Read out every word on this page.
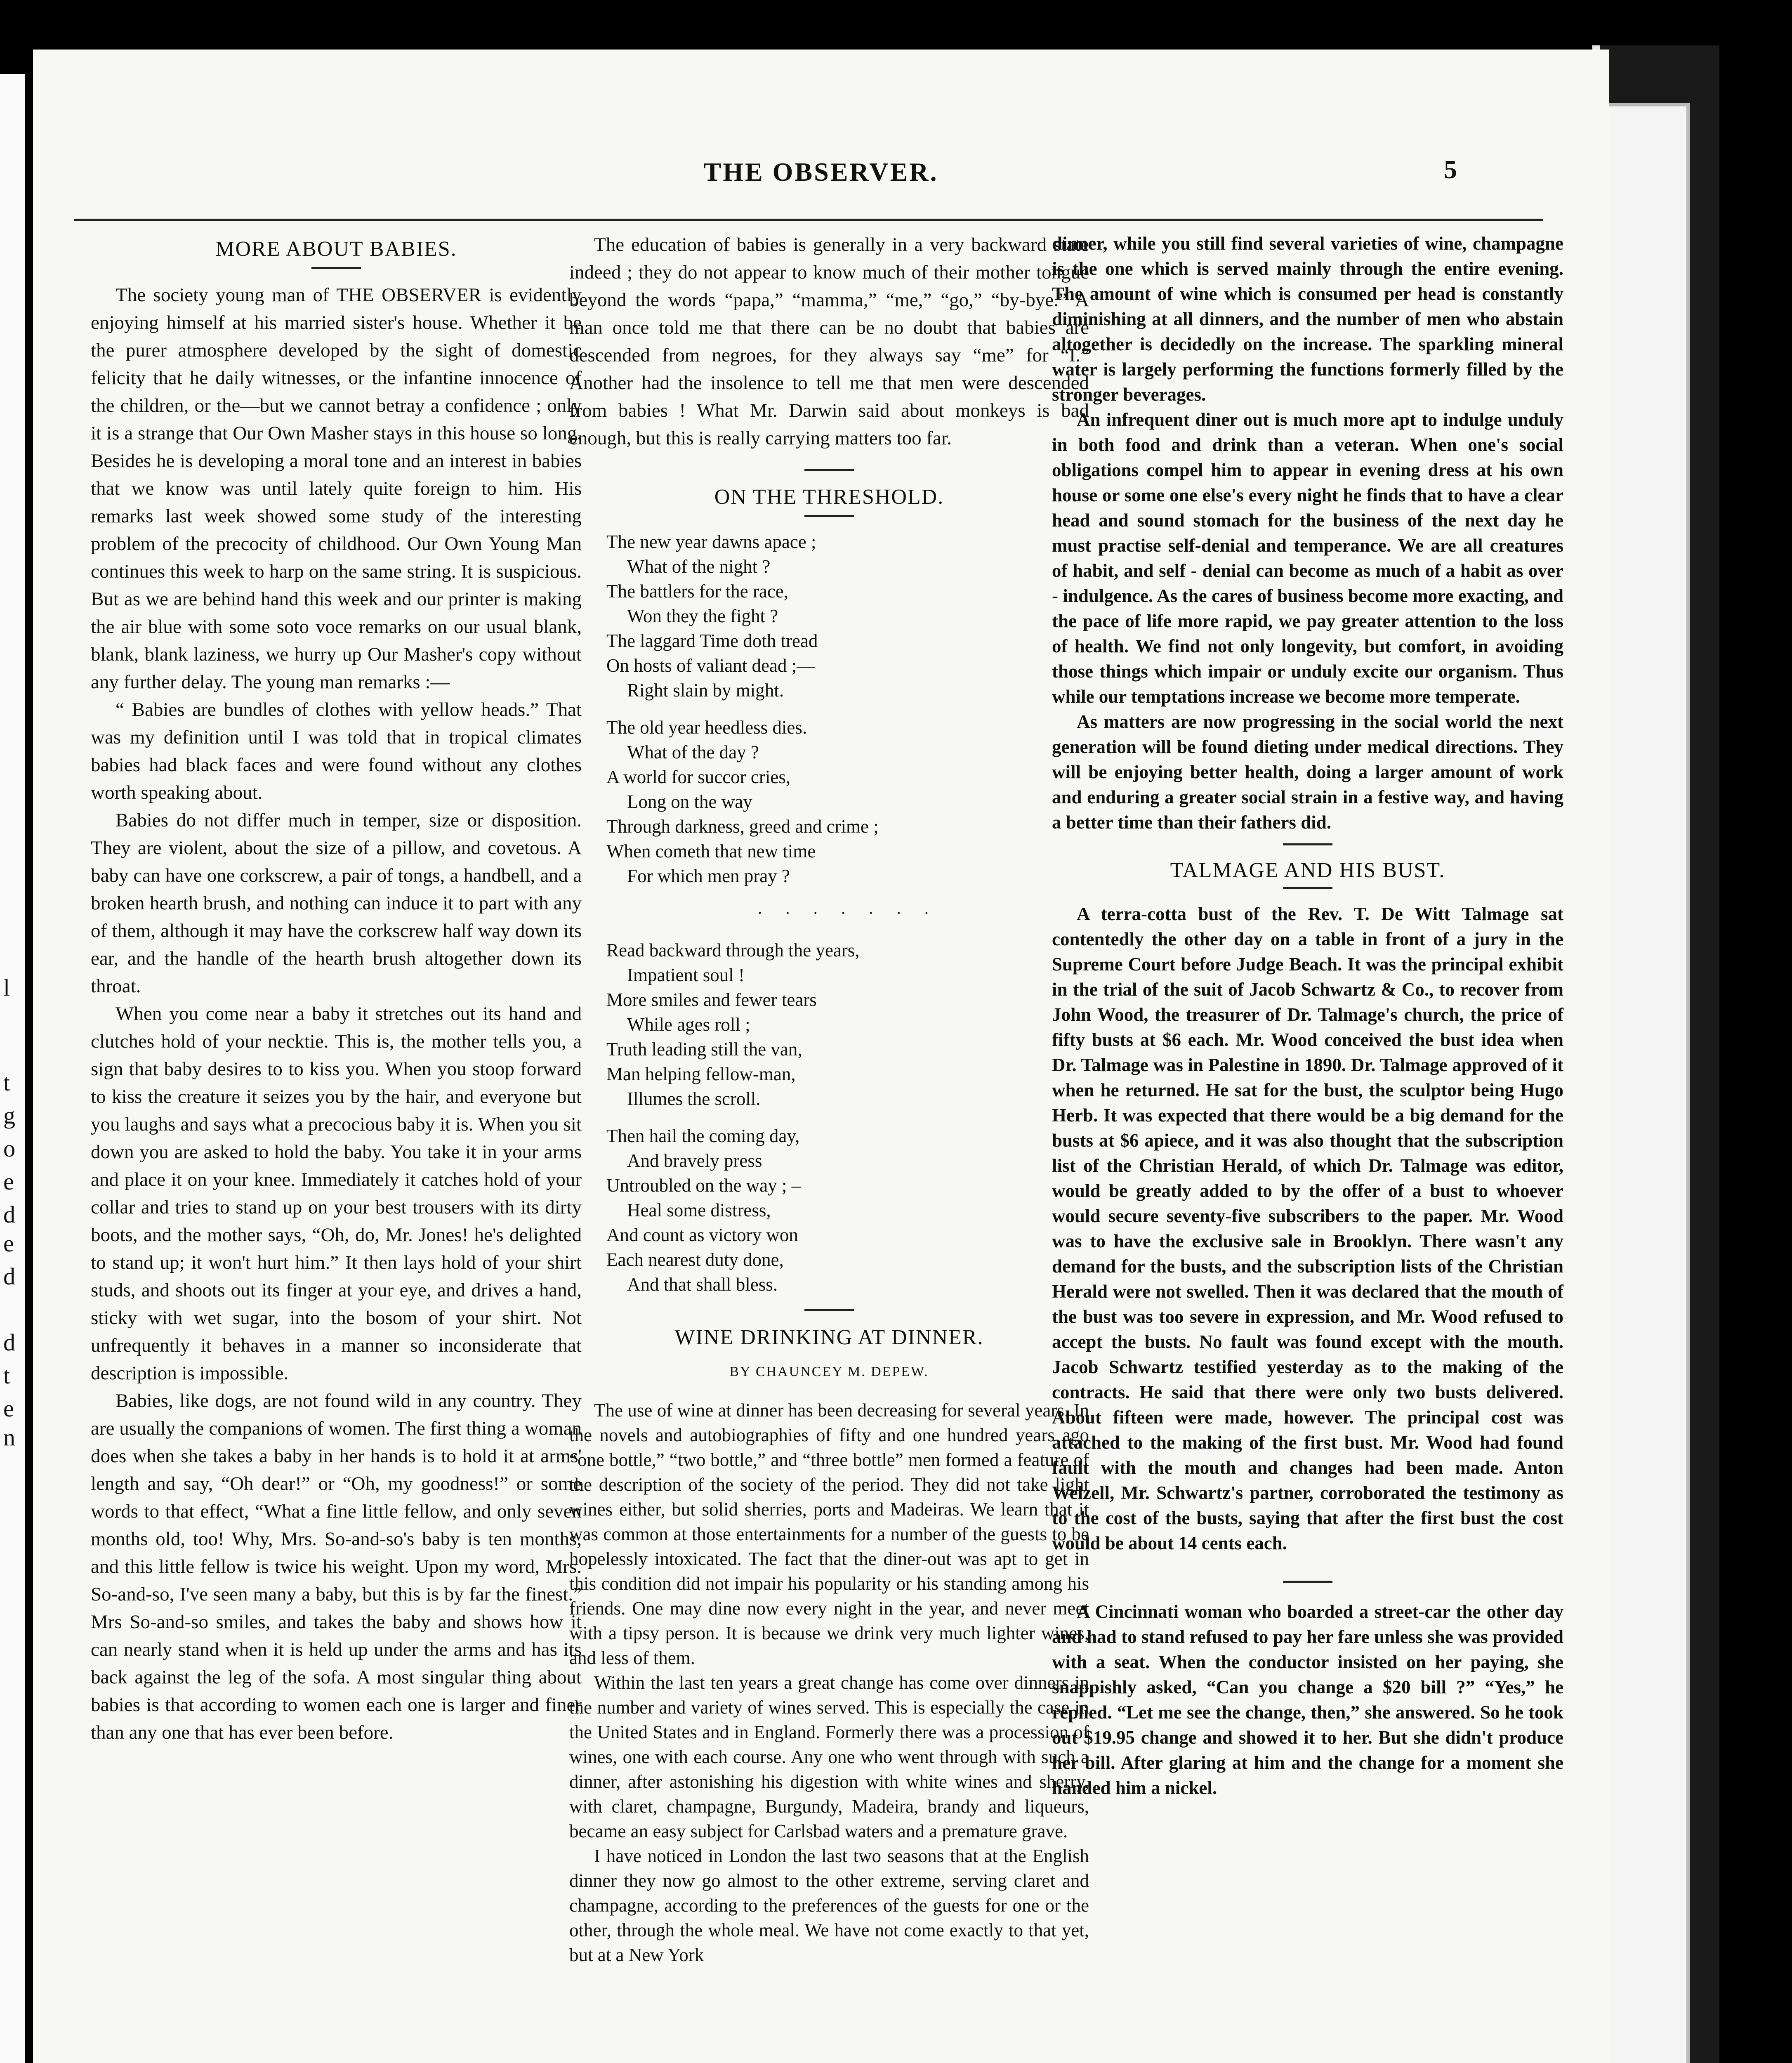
l
t
g
o
e
d
e
d
d
t
e
n
THE OBSERVER.	5
MORE ABOUT BABIES.

The society young man of THE OBSERVER is evidently enjoying himself at his married sister's house. Whether it be the purer atmosphere developed by the sight of domestic felicity that he daily witnesses, or the infantine innocence of the children, or the—but we cannot betray a confidence ; only it is a strange that Our Own Masher stays in this house so long. Besides he is developing a moral tone and an interest in babies that we know was until lately quite foreign to him. His remarks last week showed some study of the interesting problem of the precocity of childhood. Our Own Young Man continues this week to harp on the same string. It is suspicious. But as we are behind hand this week and our printer is making the air blue with some soto voce remarks on our usual blank, blank, blank laziness, we hurry up Our Masher's copy without any further delay. The young man remarks :—

“ Babies are bundles of clothes with yellow heads.” That was my definition until I was told that in tropical climates babies had black faces and were found without any clothes worth speaking about.

Babies do not differ much in temper, size or disposition. They are violent, about the size of a pillow, and covetous. A baby can have one corkscrew, a pair of tongs, a handbell, and a broken hearth brush, and nothing can induce it to part with any of them, although it may have the corkscrew half way down its ear, and the handle of the hearth brush altogether down its throat.

When you come near a baby it stretches out its hand and clutches hold of your necktie. This is, the mother tells you, a sign that baby desires to to kiss you. When you stoop forward to kiss the creature it seizes you by the hair, and everyone but you laughs and says what a precocious baby it is. When you sit down you are asked to hold the baby. You take it in your arms and place it on your knee. Immediately it catches hold of your collar and tries to stand up on your best trousers with its dirty boots, and the mother says, “Oh, do, Mr. Jones! he's delighted to stand up; it won't hurt him.” It then lays hold of your shirt studs, and shoots out its finger at your eye, and drives a hand, sticky with wet sugar, into the bosom of your shirt. Not unfrequently it behaves in a manner so inconsiderate that description is impossible.

Babies, like dogs, are not found wild in any country. They are usually the companions of women. The first thing a woman does when she takes a baby in her hands is to hold it at arms' length and say, “Oh dear!” or “Oh, my goodness!” or some words to that effect, “What a fine little fellow, and only seven months old, too! Why, Mrs. So-and-so's baby is ten months, and this little fellow is twice his weight. Upon my word, Mrs. So-and-so, I've seen many a baby, but this is by far the finest.” Mrs So-and-so smiles, and takes the baby and shows how it can nearly stand when it is held up under the arms and has its back against the leg of the sofa. A most singular thing about babies is that according to women each one is larger and finer than any one that has ever been before.

The education of babies is generally in a very backward state indeed ; they do not appear to know much of their mother tongue beyond the words “papa,” “mamma,” “me,” “go,” “by-bye.” A man once told me that there can be no doubt that babies are descended from negroes, for they always say “me” for “I.” Another had the insolence to tell me that men were descended from babies ! What Mr. Darwin said about monkeys is bad enough, but this is really carrying matters too far.

ON THE THRESHOLD.
The new year dawns apace ;
What of the night ?
The battlers for the race,
Won they the fight ?
The laggard Time doth tread
On hosts of valiant dead ;—
Right slain by might.
The old year heedless dies.
What of the day ?
A world for succor cries,
Long on the way
Through darkness, greed and crime ;
When cometh that new time
For which men pray ?
· · · · · · ·
Read backward through the years,
Impatient soul !
More smiles and fewer tears
While ages roll ;
Truth leading still the van,
Man helping fellow-man,
Illumes the scroll.
Then hail the coming day,
And bravely press
Untroubled on the way ; –
Heal some distress,
And count as victory won
Each nearest duty done,
And that shall bless.
WINE DRINKING AT DINNER.
BY CHAUNCEY M. DEPEW.

The use of wine at dinner has been decreasing for several years. In the novels and autobiographies of fifty and one hundred years ago “one bottle,” “two bottle,” and “three bottle” men formed a feature of the description of the society of the period. They did not take light wines either, but solid sherries, ports and Madeiras. We learn that it was common at those entertainments for a number of the guests to be hopelessly intoxicated. The fact that the diner-out was apt to get in this condition did not impair his popularity or his standing among his friends. One may dine now every night in the year, and never meet with a tipsy person. It is because we drink very much lighter wines, and less of them.

Within the last ten years a great change has come over dinners in the number and variety of wines served. This is especially the case in the United States and in England. Formerly there was a procession of wines, one with each course. Any one who went through with such a dinner, after astonishing his digestion with white wines and sherry, with claret, champagne, Burgundy, Madeira, brandy and liqueurs, became an easy subject for Carlsbad waters and a premature grave.

I have noticed in London the last two seasons that at the English dinner they now go almost to the other extreme, serving claret and champagne, according to the preferences of the guests for one or the other, through the whole meal. We have not come exactly to that yet, but at a New York

dinner, while you still find several varieties of wine, champagne is the one which is served mainly through the entire evening. The amount of wine which is consumed per head is constantly diminishing at all dinners, and the number of men who abstain altogether is decidedly on the increase. The sparkling mineral water is largely performing the functions formerly filled by the stronger beverages.

An infrequent diner out is much more apt to indulge unduly in both food and drink than a veteran. When one's social obligations compel him to appear in evening dress at his own house or some one else's every night he finds that to have a clear head and sound stomach for the business of the next day he must practise self-denial and temperance. We are all creatures of habit, and self - denial can become as much of a habit as over - indulgence. As the cares of business become more exacting, and the pace of life more rapid, we pay greater attention to the loss of health. We find not only longevity, but comfort, in avoiding those things which impair or unduly excite our organism. Thus while our temptations increase we become more temperate.

As matters are now progressing in the social world the next generation will be found dieting under medical directions. They will be enjoying better health, doing a larger amount of work and enduring a greater social strain in a festive way, and having a better time than their fathers did.

TALMAGE AND HIS BUST.

A terra-cotta bust of the Rev. T. De Witt Talmage sat contentedly the other day on a table in front of a jury in the Supreme Court before Judge Beach. It was the principal exhibit in the trial of the suit of Jacob Schwartz & Co., to recover from John Wood, the treasurer of Dr. Talmage's church, the price of fifty busts at $6 each. Mr. Wood conceived the bust idea when Dr. Talmage was in Palestine in 1890. Dr. Talmage approved of it when he returned. He sat for the bust, the sculptor being Hugo Herb. It was expected that there would be a big demand for the busts at $6 apiece, and it was also thought that the subscription list of the Christian Herald, of which Dr. Talmage was editor, would be greatly added to by the offer of a bust to whoever would secure seventy-five subscribers to the paper. Mr. Wood was to have the exclusive sale in Brooklyn. There wasn't any demand for the busts, and the subscription lists of the Christian Herald were not swelled. Then it was declared that the mouth of the bust was too severe in expression, and Mr. Wood refused to accept the busts. No fault was found except with the mouth. Jacob Schwartz testified yesterday as to the making of the contracts. He said that there were only two busts delivered. About fifteen were made, however. The principal cost was attached to the making of the first bust. Mr. Wood had found fault with the mouth and changes had been made. Anton Welzell, Mr. Schwartz's partner, corroborated the testimony as to the cost of the busts, saying that after the first bust the cost would be about 14 cents each.

A Cincinnati woman who boarded a street-car the other day and had to stand refused to pay her fare unless she was provided with a seat. When the conductor insisted on her paying, she snappishly asked, “Can you change a $20 bill ?” “Yes,” he replied. “Let me see the change, then,” she answered. So he took out $19.95 change and showed it to her. But she didn't produce her bill. After glaring at him and the change for a moment she handed him a nickel.
